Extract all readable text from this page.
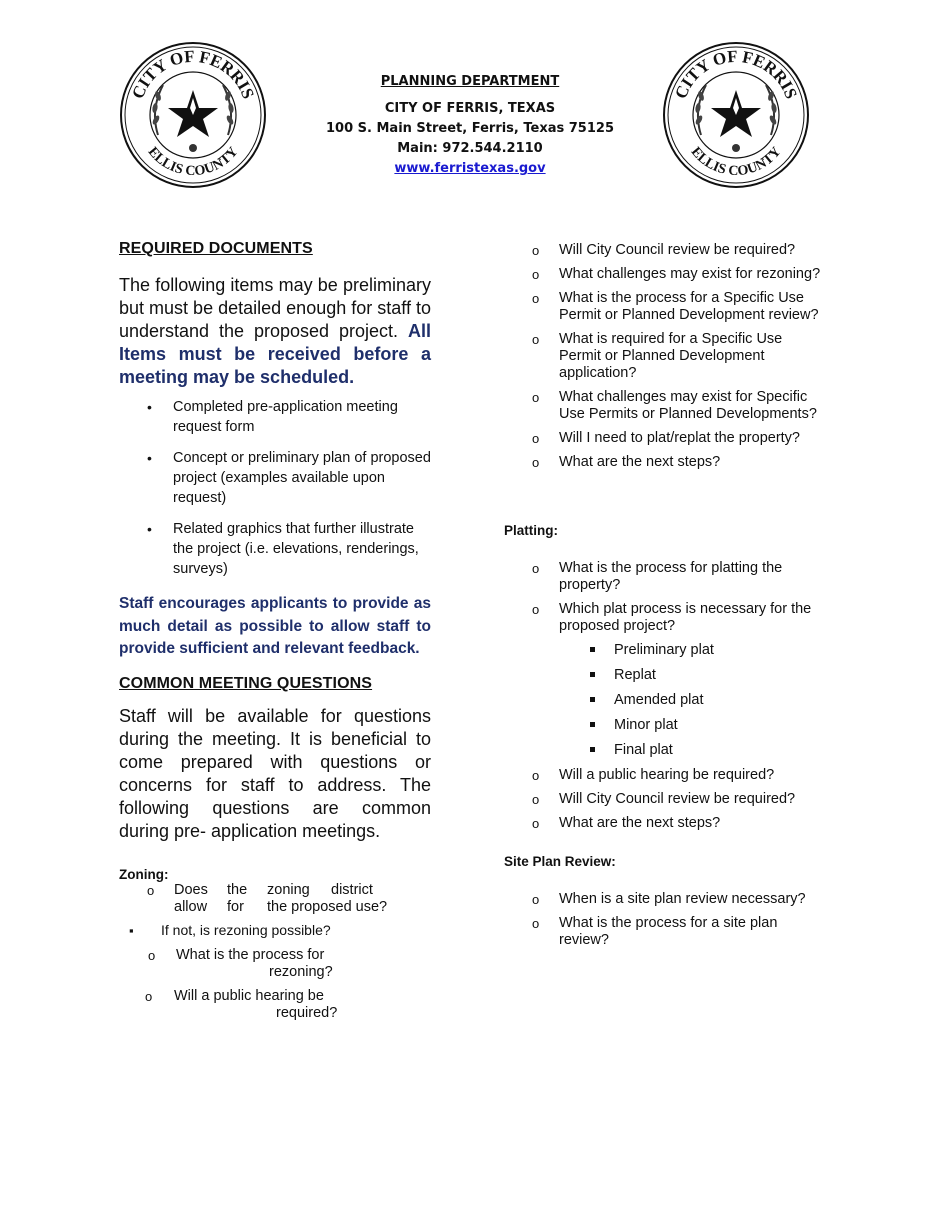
CITY OF FERRIS
ELLIS COUNTY
CITY OF FERRIS
ELLIS COUNTY
PLANNING DEPARTMENT
CITY OF FERRIS, TEXAS
100 S. Main Street, Ferris, Texas 75125
Main: 972.544.2110
www.ferristexas.gov
REQUIRED DOCUMENTS

The following items may be preliminary but must be detailed enough for staff to understand the proposed project. All Items must be received before a meeting may be scheduled.

• Completed pre-application meeting request form
• Concept or preliminary plan of proposed project (examples available upon request)
• Related graphics that further illustrate the project (i.e. elevations, renderings, surveys)

Staff encourages applicants to provide as much detail as possible to allow staff to provide sufficient and relevant feedback.

COMMON MEETING QUESTIONS

Staff will be available for questions during the meeting. It is beneficial to come prepared with questions or concerns for staff to address. The following questions are common during pre- application meetings.

Zoning:
o Does the zoning district
allow for the proposed use?
▪ If not, is rezoning possible?
o What is the process for
rezoning?
o Will a public hearing be
required?
o Will City Council review be required?
o What challenges may exist for rezoning?
o What is the process for a Specific Use Permit or Planned Development review?
o What is required for a Specific Use Permit or Planned Development application?
o What challenges may exist for Specific Use Permits or Planned Developments?
o Will I need to plat/replat the property?
o What are the next steps?
Platting:
o What is the process for platting the property?
o Which plat process is necessary for the proposed project?
Preliminary plat
Replat
Amended plat
Minor plat
Final plat
o Will a public hearing be required?
o Will City Council review be required?
o What are the next steps?
Site Plan Review:
o When is a site plan review necessary?
o What is the process for a site plan review?
